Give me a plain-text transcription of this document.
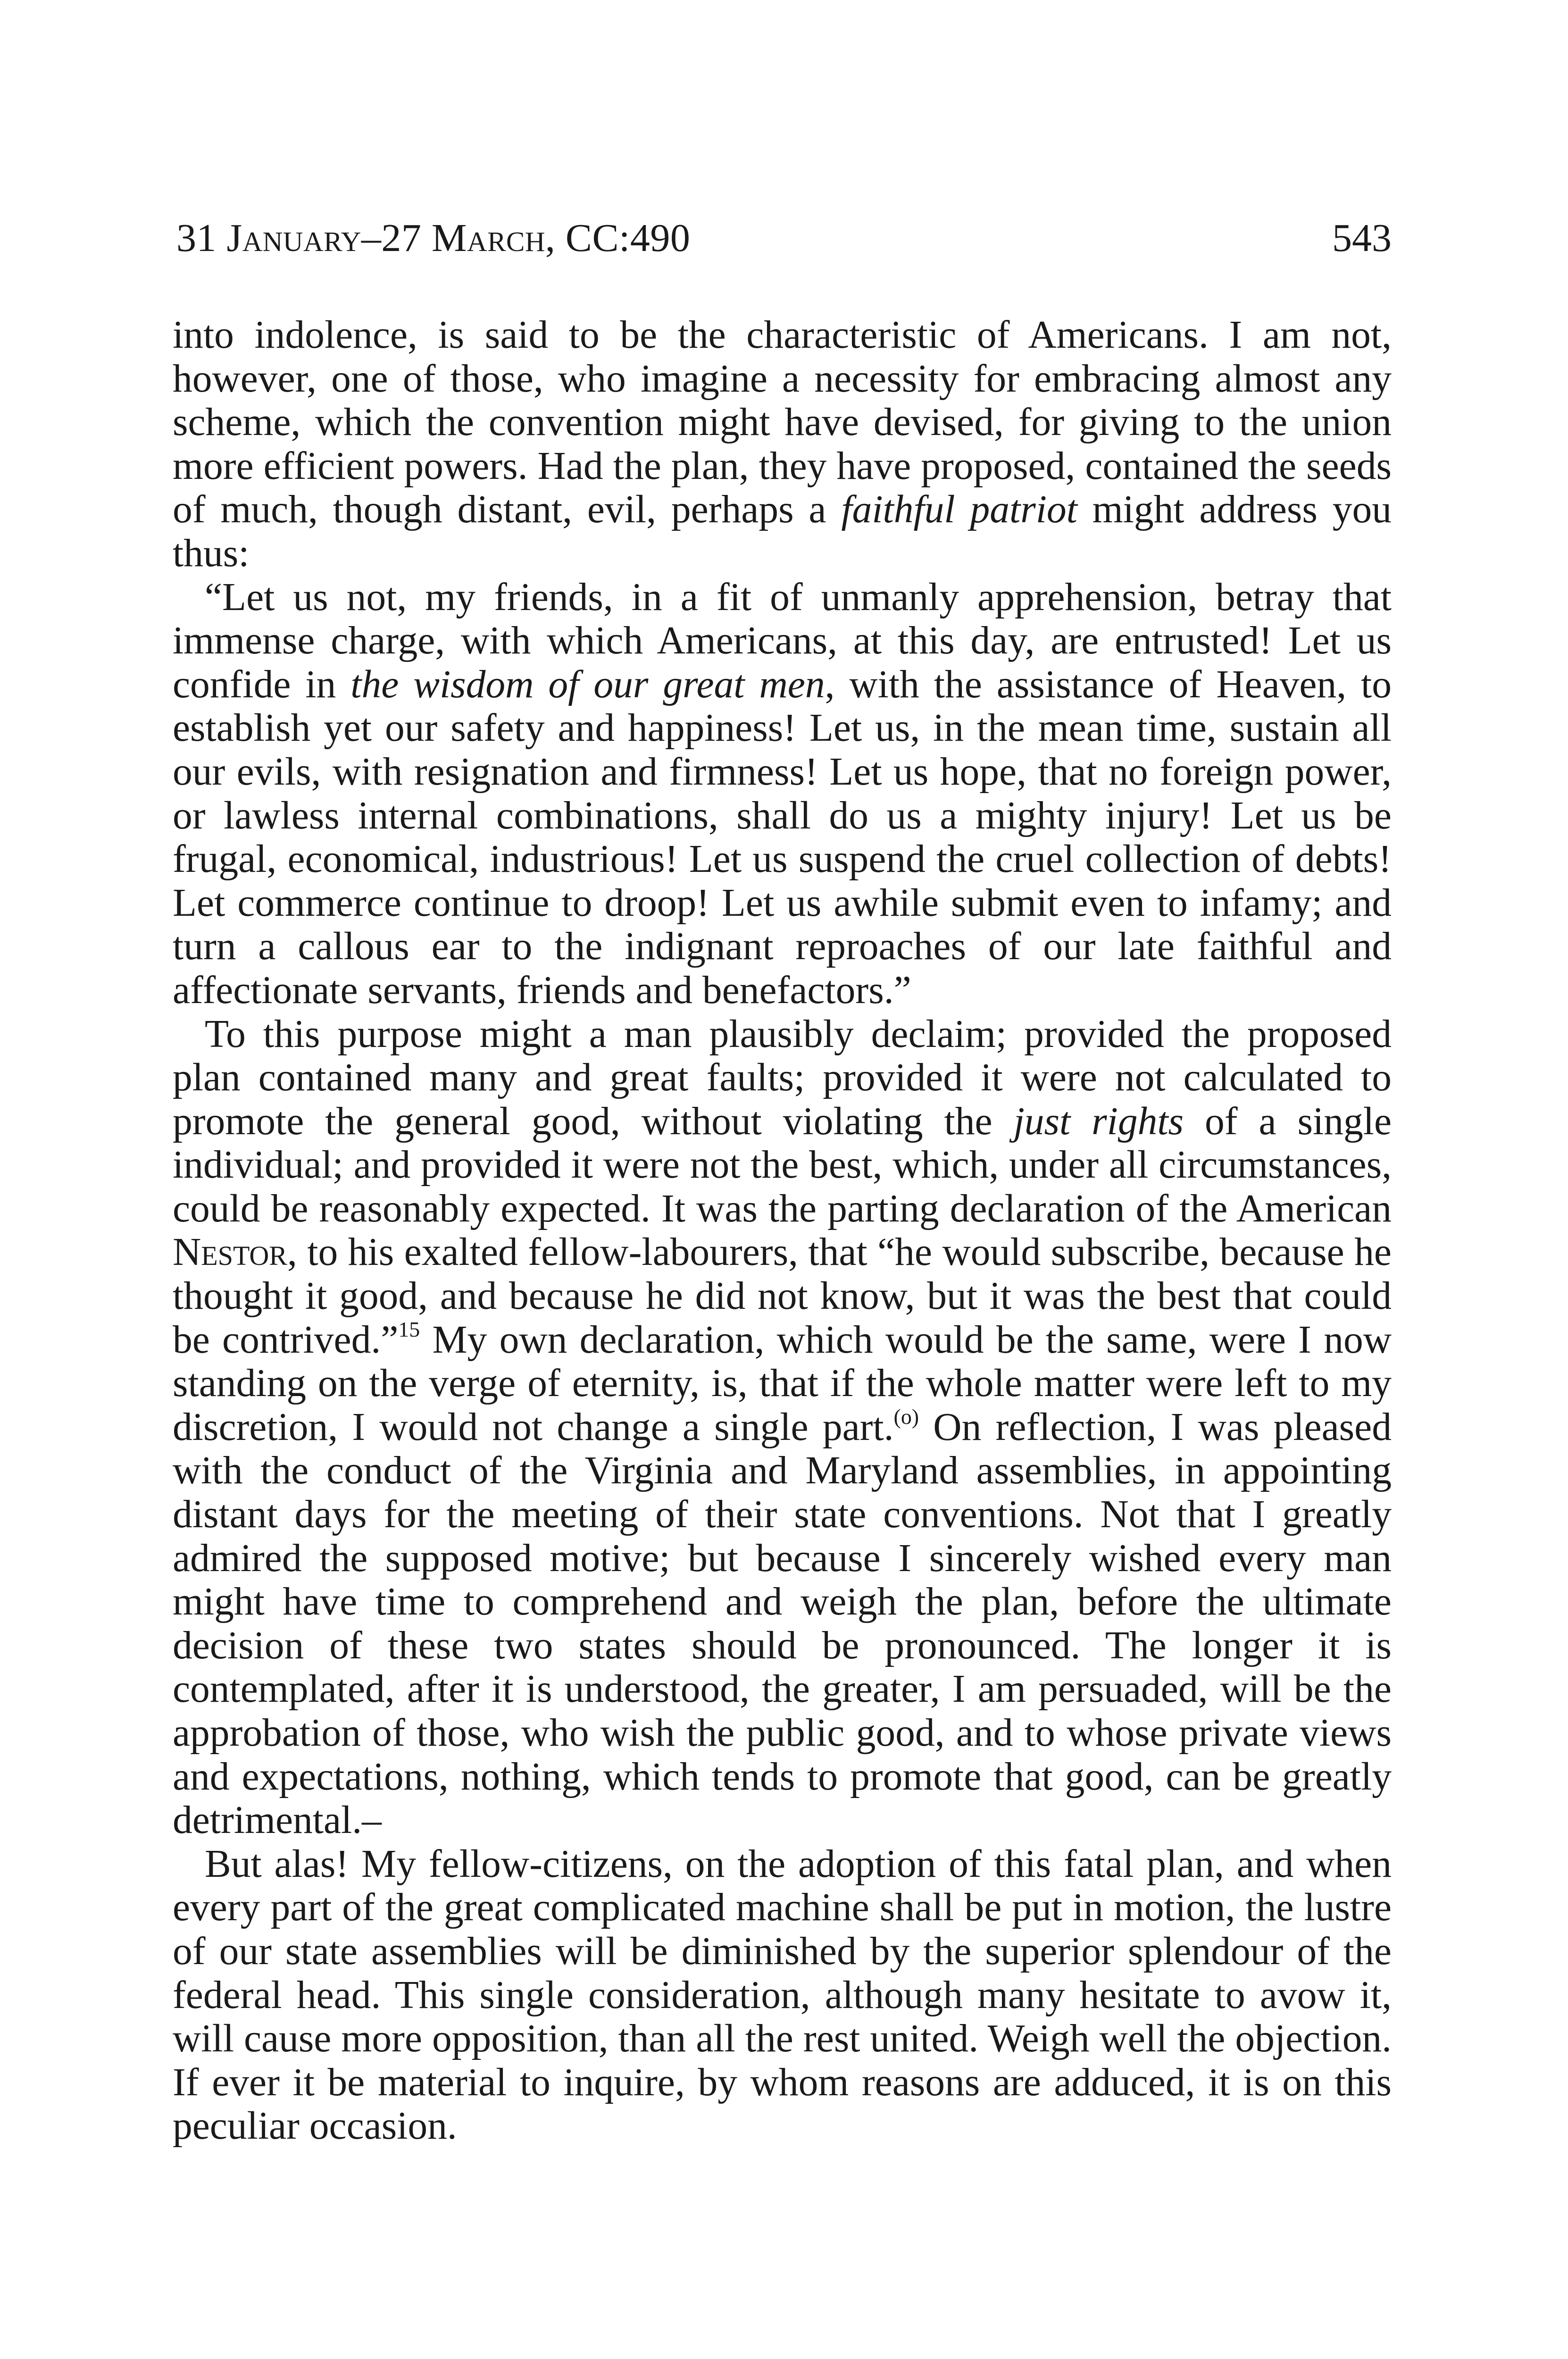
31 January–27 March, CC:490	543

into indolence, is said to be the characteristic of Americans. I am not, however, one of those, who imagine a necessity for embracing almost any scheme, which the convention might have devised, for giving to the union more efficient powers. Had the plan, they have proposed, contained the seeds of much, though distant, evil, perhaps a faithful patriot might address you thus:

“Let us not, my friends, in a fit of unmanly apprehension, betray that immense charge, with which Americans, at this day, are entrusted! Let us confide in the wisdom of our great men, with the assistance of Heaven, to establish yet our safety and happiness! Let us, in the mean time, sustain all our evils, with resignation and firmness! Let us hope, that no foreign power, or lawless internal combinations, shall do us a mighty injury! Let us be frugal, economical, industrious! Let us suspend the cruel collection of debts! Let commerce continue to droop! Let us awhile submit even to infamy; and turn a callous ear to the indignant reproaches of our late faithful and affectionate servants, friends and benefactors.”

To this purpose might a man plausibly declaim; provided the proposed plan contained many and great faults; provided it were not calculated to promote the general good, without violating the just rights of a single individual; and provided it were not the best, which, under all circumstances, could be reasonably expected. It was the parting declaration of the American Nestor, to his exalted fellow-labourers, that “he would subscribe, because he thought it good, and because he did not know, but it was the best that could be contrived.”$^{15}$ My own declaration, which would be the same, were I now standing on the verge of eternity, is, that if the whole matter were left to my discretion, I would not change a single part.$^{(o)}$ On reflection, I was pleased with the conduct of the Virginia and Maryland assemblies, in appointing distant days for the meeting of their state conventions. Not that I greatly admired the supposed motive; but because I sincerely wished every man might have time to comprehend and weigh the plan, before the ultimate decision of these two states should be pronounced. The longer it is contemplated, after it is understood, the greater, I am persuaded, will be the approbation of those, who wish the public good, and to whose private views and expectations, nothing, which tends to promote that good, can be greatly detrimental.–

But alas! My fellow-citizens, on the adoption of this fatal plan, and when every part of the great complicated machine shall be put in motion, the lustre of our state assemblies will be diminished by the superior splendour of the federal head. This single consideration, although many hesitate to avow it, will cause more opposition, than all the rest united. Weigh well the objection. If ever it be material to inquire, by whom reasons are adduced, it is on this peculiar occasion.
